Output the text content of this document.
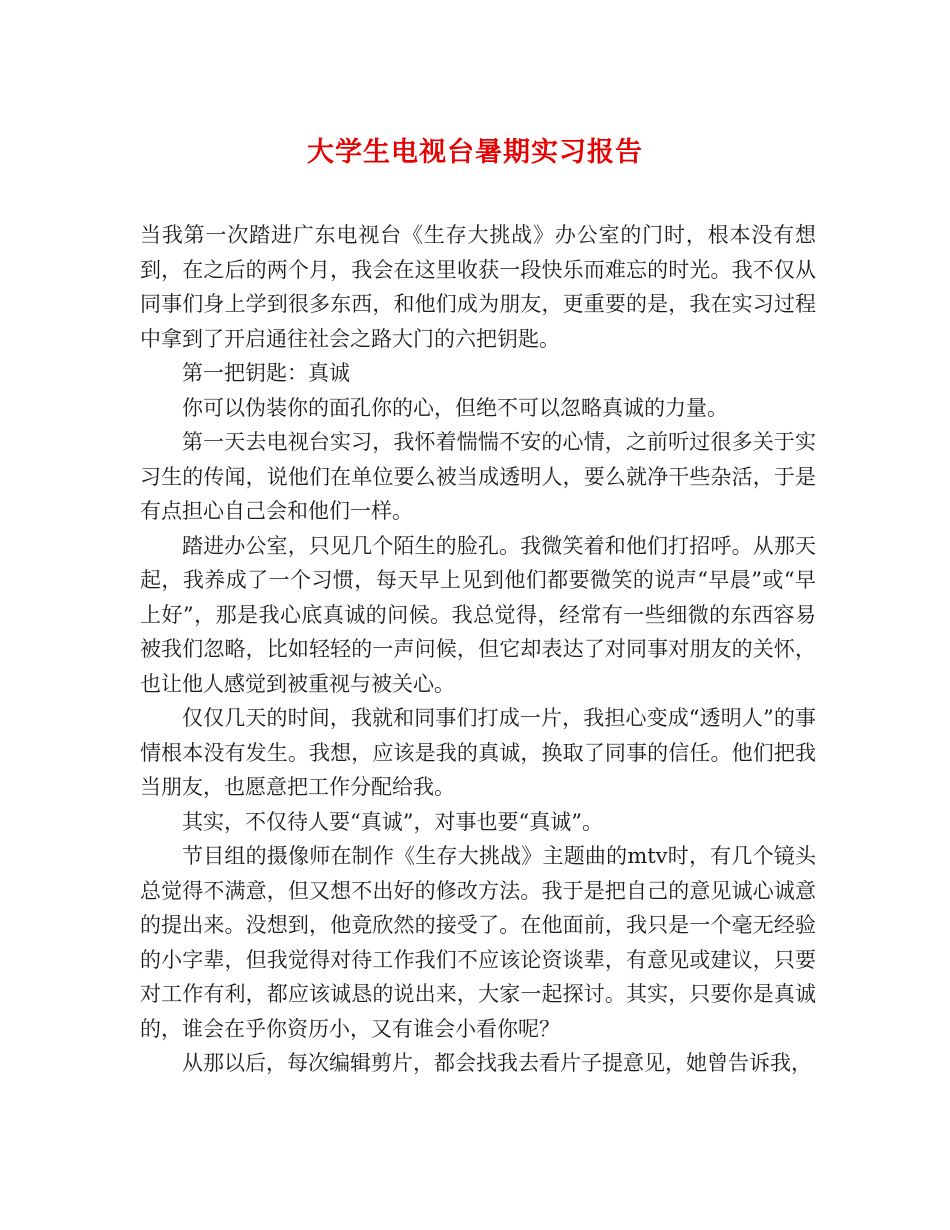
大学生电视台暑期实习报告

当我第一次踏进广东电视台《生存大挑战》办公室的门时，根本没有想到，在之后的两个月，我会在这里收获一段快乐而难忘的时光。我不仅从同事们身上学到很多东西，和他们成为朋友，更重要的是，我在实习过程中拿到了开启通往社会之路大门的六把钥匙。

第一把钥匙：真诚

你可以伪装你的面孔你的心，但绝不可以忽略真诚的力量。

第一天去电视台实习，我怀着惴惴不安的心情，之前听过很多关于实习生的传闻，说他们在单位要么被当成透明人，要么就净干些杂活，于是有点担心自己会和他们一样。

踏进办公室，只见几个陌生的脸孔。我微笑着和他们打招呼。从那天起，我养成了一个习惯，每天早上见到他们都要微笑的说声“早晨”或“早上好”，那是我心底真诚的问候。我总觉得，经常有一些细微的东西容易被我们忽略，比如轻轻的一声问候，但它却表达了对同事对朋友的关怀，也让他人感觉到被重视与被关心。

仅仅几天的时间，我就和同事们打成一片，我担心变成“透明人”的事情根本没有发生。我想，应该是我的真诚，换取了同事的信任。他们把我当朋友，也愿意把工作分配给我。

其实，不仅待人要“真诚”，对事也要“真诚”。

节目组的摄像师在制作《生存大挑战》主题曲的mtv时，有几个镜头总觉得不满意，但又想不出好的修改方法。我于是把自己的意见诚心诚意的提出来。没想到，他竟欣然的接受了。在他面前，我只是一个毫无经验的小字辈，但我觉得对待工作我们不应该论资谈辈，有意见或建议，只要对工作有利，都应该诚恳的说出来，大家一起探讨。其实，只要你是真诚的，谁会在乎你资历小，又有谁会小看你呢？

从那以后，每次编辑剪片，都会找我去看片子提意见，她曾告诉我，
